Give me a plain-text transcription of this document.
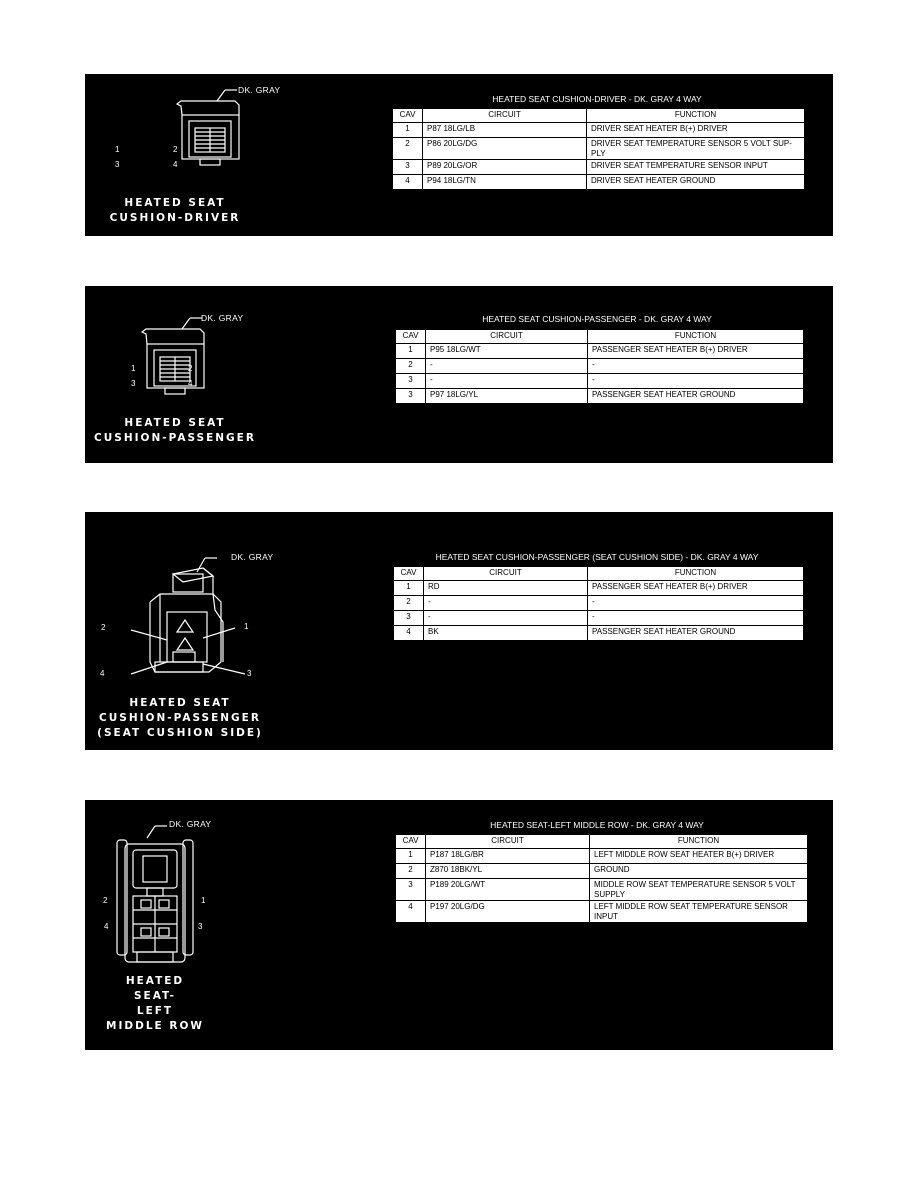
DK. GRAY
1	2
3	4
HEATED SEAT
CUSHION-DRIVER
HEATED SEAT CUSHION-DRIVER - DK. GRAY 4 WAY
CAV	CIRCUIT	FUNCTION
1	P87 18LG/LB	DRIVER SEAT HEATER B(+) DRIVER
2	P86 20LG/DG	DRIVER SEAT TEMPERATURE SENSOR 5 VOLT SUP-PLY
3	P89 20LG/OR	DRIVER SEAT TEMPERATURE SENSOR INPUT
4	P94 18LG/TN	DRIVER SEAT HEATER GROUND
DK. GRAY
1	2
3	4
HEATED SEAT
CUSHION-PASSENGER
HEATED SEAT CUSHION-PASSENGER - DK. GRAY 4 WAY
CAV	CIRCUIT	FUNCTION
1	P95 18LG/WT	PASSENGER SEAT HEATER B(+) DRIVER
2	-	-
3	-	-
3	P97 18LG/YL	PASSENGER SEAT HEATER GROUND
DK. GRAY
2	1
4	3
HEATED SEAT
CUSHION-PASSENGER
(SEAT CUSHION SIDE)
HEATED SEAT CUSHION-PASSENGER (SEAT CUSHION SIDE) - DK. GRAY 4 WAY
CAV	CIRCUIT	FUNCTION
1	RD	PASSENGER SEAT HEATER B(+) DRIVER
2	-	-
3	-	-
4	BK	PASSENGER SEAT HEATER GROUND
DK. GRAY
2	1
4	3
HEATED
SEAT-
LEFT
MIDDLE ROW
HEATED SEAT-LEFT MIDDLE ROW - DK. GRAY 4 WAY
CAV	CIRCUIT	FUNCTION
1	P187 18LG/BR	LEFT MIDDLE ROW SEAT HEATER B(+) DRIVER
2	Z870 18BK/YL	GROUND
3	P189 20LG/WT	MIDDLE ROW SEAT TEMPERATURE SENSOR 5 VOLT SUPPLY
4	P197 20LG/DG	LEFT MIDDLE ROW SEAT TEMPERATURE SENSOR INPUT
